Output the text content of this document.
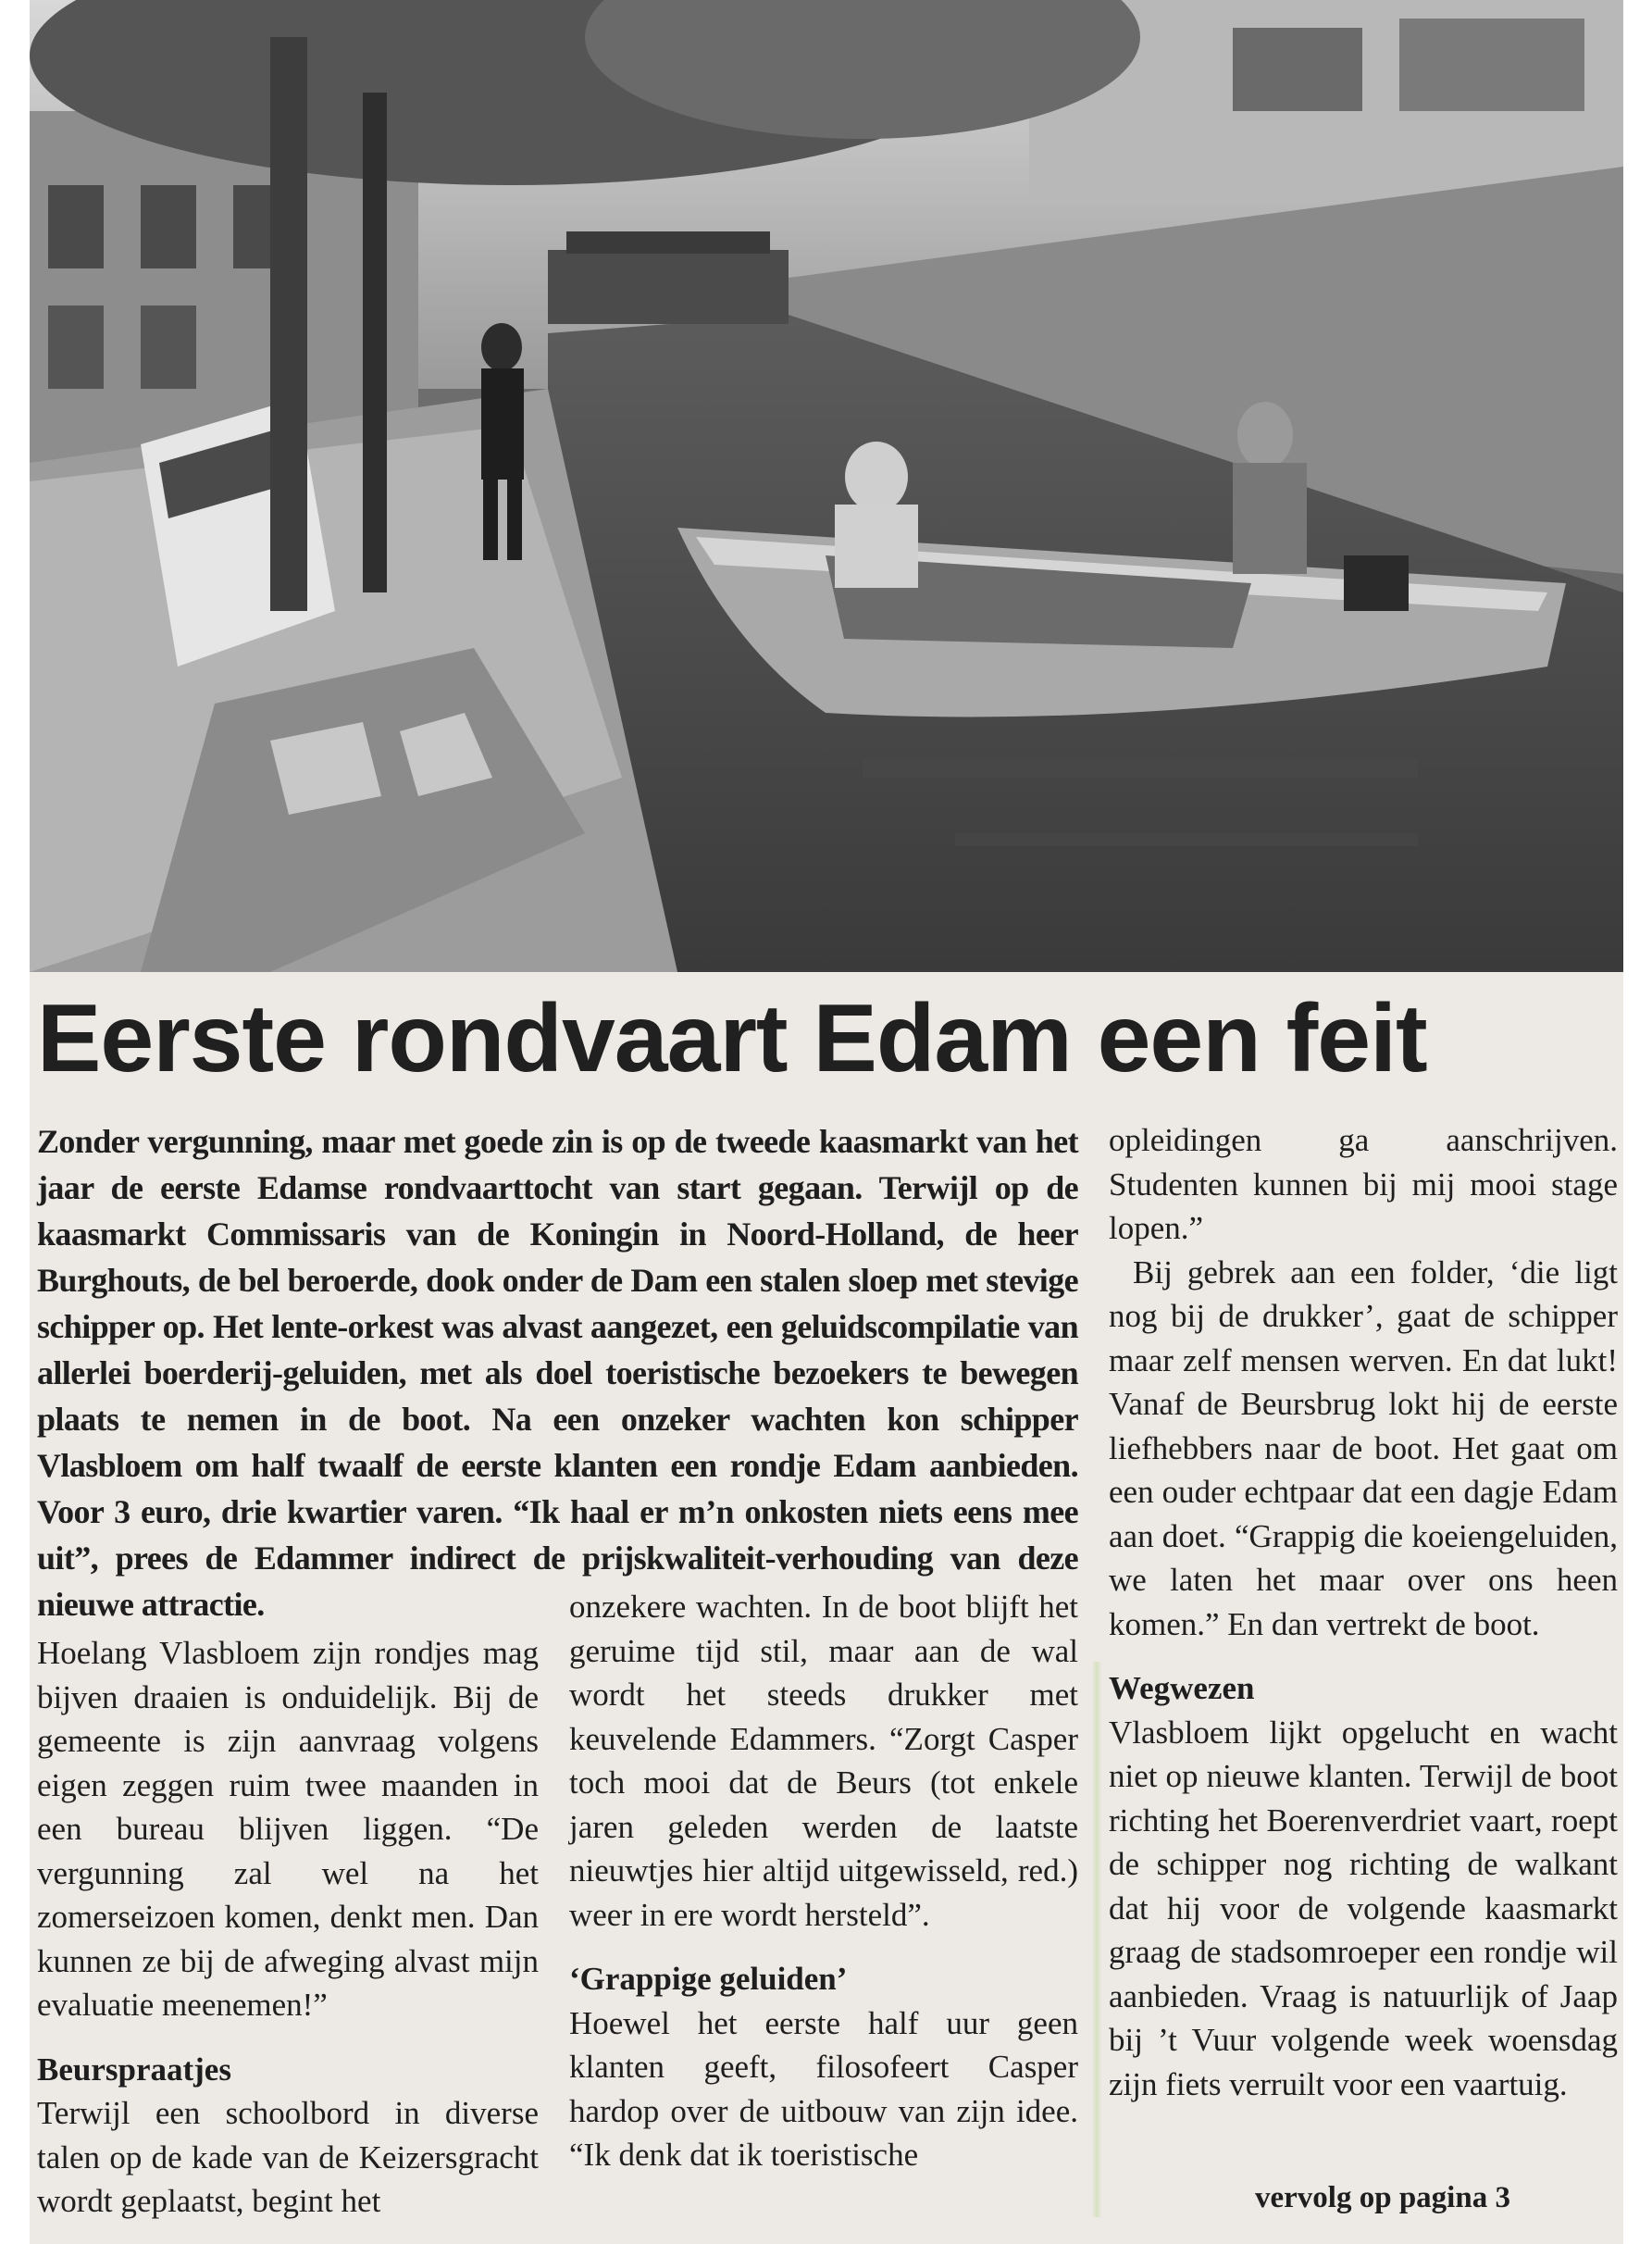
Eerste rondvaart Edam een feit
Zonder vergunning, maar met goede zin is op de tweede kaasmarkt van het jaar de eerste Edamse rondvaarttocht van start gegaan. Terwijl op de kaasmarkt Commissaris van de Koningin in Noord-Holland, de heer Burghouts, de bel beroerde, dook onder de Dam een stalen sloep met stevige schipper op. Het lente-orkest was alvast aangezet, een geluidscompilatie van allerlei boerderij-geluiden, met als doel toeristische bezoekers te bewegen plaats te nemen in de boot. Na een onzeker wachten kon schipper Vlasbloem om half twaalf de eerste klanten een rondje Edam aanbieden. Voor 3 euro, drie kwartier varen. “Ik haal er m’n onkosten niets eens mee uit”, prees de Edammer indirect de prijskwaliteit-verhouding van deze nieuwe attractie.

Hoelang Vlasbloem zijn rondjes mag bijven draaien is onduidelijk. Bij de gemeente is zijn aanvraag volgens eigen zeggen ruim twee maanden in een bureau blijven liggen. “De vergunning zal wel na het zomerseizoen komen, denkt men. Dan kunnen ze bij de afweging alvast mijn evaluatie meenemen!”

Beurspraatjes

Terwijl een schoolbord in diverse talen op de kade van de Keizersgracht wordt geplaatst, begint het

onzekere wachten. In de boot blijft het geruime tijd stil, maar aan de wal wordt het steeds drukker met keuvelende Edammers. “Zorgt Casper toch mooi dat de Beurs (tot enkele jaren geleden werden de laatste nieuwtjes hier altijd uitgewisseld, red.) weer in ere wordt hersteld”.

‘Grappige geluiden’

Hoewel het eerste half uur geen klanten geeft, filosofeert Casper hardop over de uitbouw van zijn idee. “Ik denk dat ik toeristische

opleidingen ga aanschrijven. Studenten kunnen bij mij mooi stage lopen.”

Bij gebrek aan een folder, ‘die ligt nog bij de drukker’, gaat de schipper maar zelf mensen werven. En dat lukt! Vanaf de Beursbrug lokt hij de eerste liefhebbers naar de boot. Het gaat om een ouder echtpaar dat een dagje Edam aan doet. “Grappig die koeiengeluiden, we laten het maar over ons heen komen.” En dan vertrekt de boot.

Wegwezen

Vlasbloem lijkt opgelucht en wacht niet op nieuwe klanten. Terwijl de boot richting het Boerenverdriet vaart, roept de schipper nog richting de walkant dat hij voor de volgende kaasmarkt graag de stadsomroeper een rondje wil aanbieden. Vraag is natuurlijk of Jaap bij ’t Vuur volgende week woensdag zijn fiets verruilt voor een vaartuig.

vervolg op pagina 3
